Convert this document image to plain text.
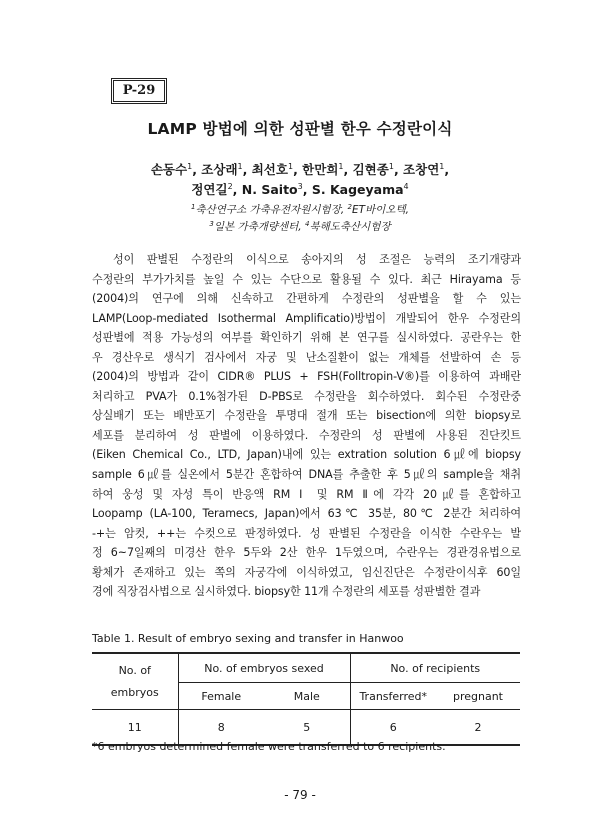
P-29
LAMP 방법에 의한 성판별 한우 수정란이식
손동수$^1$, 조상래$^1$, 최선호$^1$, 한만희$^1$, 김현종$^1$, 조창연$^1$,
정연길$^2$, N. Saito$^3$, S. Kageyama$^4$
$^1$축산연구소 가축유전자원시험장, $^2$ET바이오텍,
$^3$일본 가축개량센터, $^4$북해도축산시험장
성이 판별된 수정란의 이식으로 송아지의 성 조절은 능력의 조기개량과
수정란의 부가가치를 높일 수 있는 수단으로 활용될 수 있다. 최근 Hirayama 등
(2004)의 연구에 의해 신속하고 간편하게 수정란의 성판별을 할 수 있는
LAMP(Loop-mediated Isothermal Amplificatio)방법이 개발되어 한우 수정란의
성판별에 적용 가능성의 여부를 확인하기 위해 본 연구를 실시하였다. 공란우는 한
우 경산우로 생식기 검사에서 자궁 및 난소질환이 없는 개체를 선발하여 손 등
(2004)의 방법과 같이 CIDR® PLUS + FSH(Folltropin-V®)를 이용하여 과배란
처리하고 PVA가 0.1%첨가된 D-PBS로 수정란을 회수하였다. 회수된 수정란중
상실배기 또는 배반포기 수정란을 투명대 절개 또는 bisection에 의한 biopsy로
세포를 분리하여 성 판별에 이용하였다. 수정란의 성 판별에 사용된 진단킷트
(Eiken Chemical Co., LTD, Japan)내에 있는 extration solution 6㎕에 biopsy
sample 6㎕를 실온에서 5분간 혼합하여 DNA를 추출한 후 5㎕의 sample을 채취
하여 웅성 및 자성 특이 반응액 RM Ⅰ 및 RM Ⅱ에 각각 20㎕를 혼합하고
Loopamp (LA-100, Teramecs, Japan)에서 63℃ 35분, 80℃ 2분간 처리하여
-+는 암컷, ++는 수컷으로 판정하였다. 성 판별된 수정란을 이식한 수란우는 발
정 6~7일째의 미경산 한우 5두와 2산 한우 1두였으며, 수란우는 경관경유법으로
황체가 존재하고 있는 쪽의 자궁각에 이식하였고, 임신진단은 수정란이식후 60일
경에 직장검사법으로 실시하였다. biopsy한 11개 수정란의 세포를 성판별한 결과
Table 1. Result of embryo sexing and transfer in Hanwoo
No. of
embryos	No. of embryos sexed		No. of recipients	
	Female	Male	Transferred*	pregnant
11	8	5	6	2
*6 embryos determined female were transferred to 6 recipients.
- 79 -
